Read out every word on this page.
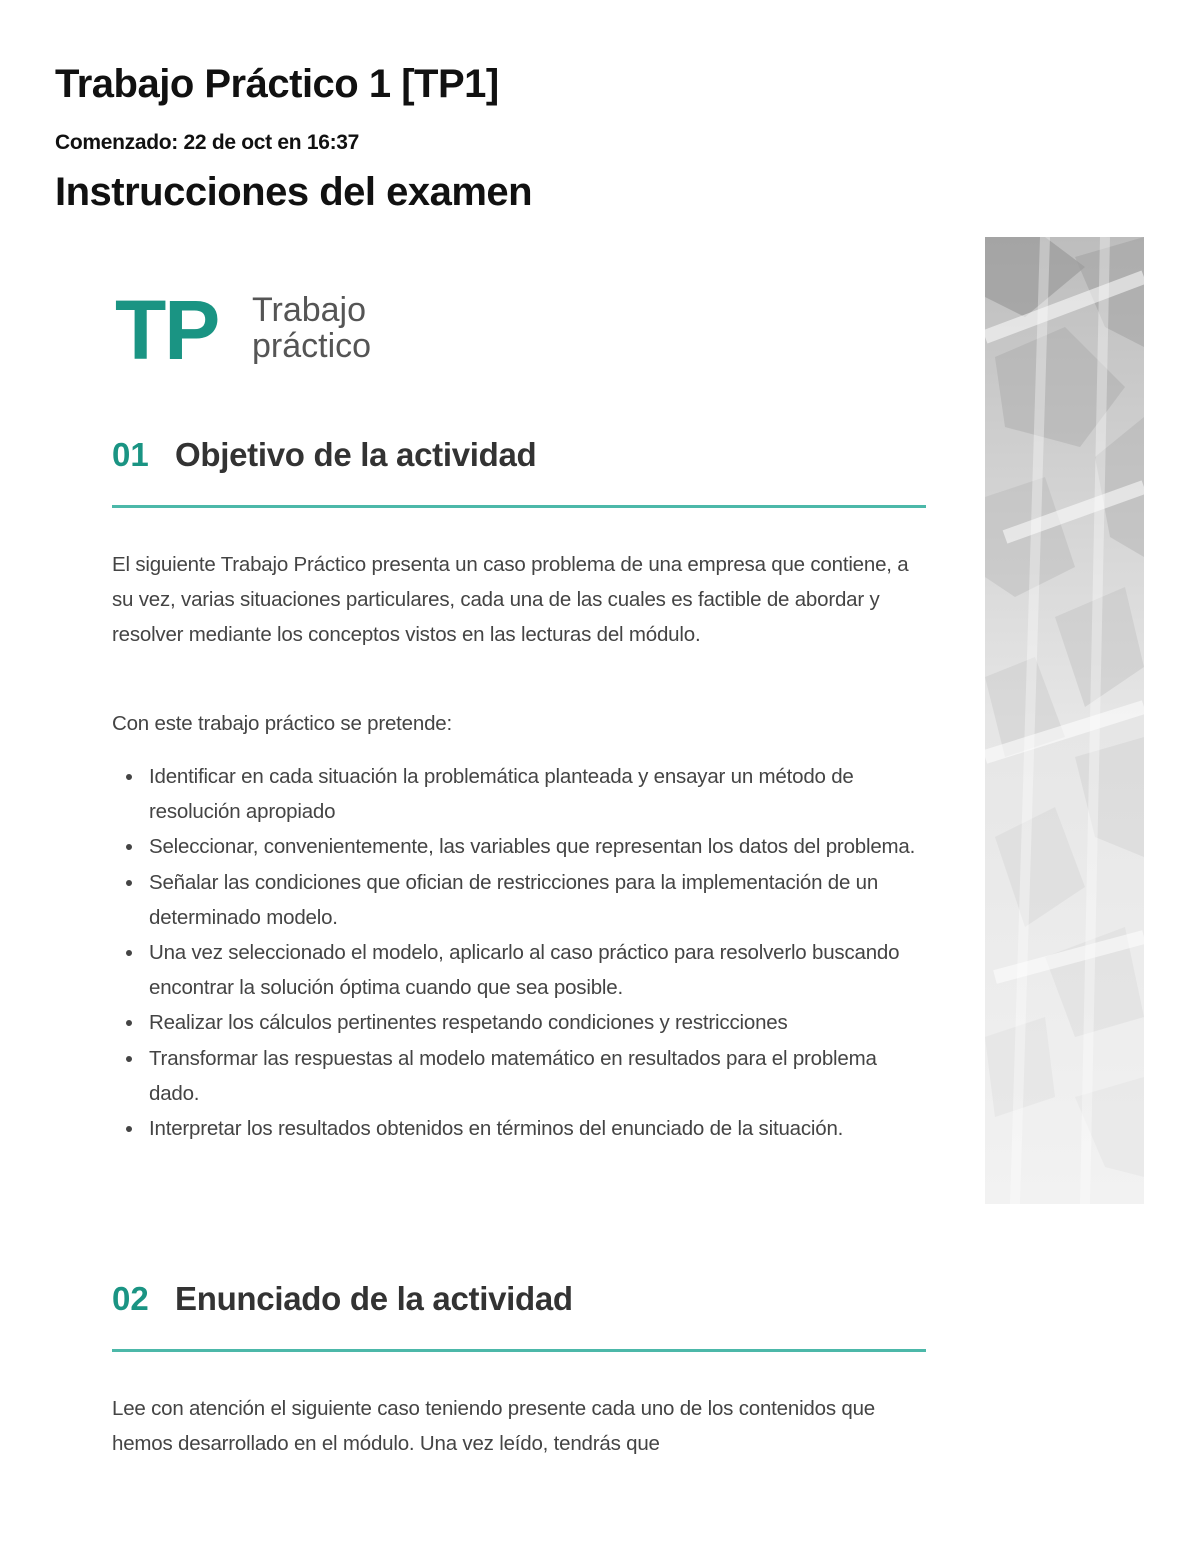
Trabajo Práctico 1 [TP1]
Comenzado: 22 de oct en 16:37
Instrucciones del examen
TP Trabajo
práctico
01 Objetivo de la actividad

El siguiente Trabajo Práctico presenta un caso problema de una empresa que contiene, a su vez, varias situaciones particulares, cada una de las cuales es factible de abordar y resolver mediante los conceptos vistos en las lecturas del módulo.

Con este trabajo práctico se pretende:

Identificar en cada situación la problemática planteada y ensayar un método de resolución apropiado
Seleccionar, convenientemente, las variables que representan los datos del problema.
Señalar las condiciones que ofician de restricciones para la implementación de un determinado modelo.
Una vez seleccionado el modelo, aplicarlo al caso práctico para resolverlo buscando encontrar la solución óptima cuando que sea posible.
Realizar los cálculos pertinentes respetando condiciones y restricciones
Transformar las respuestas al modelo matemático en resultados para el problema dado.
Interpretar los resultados obtenidos en términos del enunciado de la situación.
02 Enunciado de la actividad

Lee con atención el siguiente caso teniendo presente cada uno de los contenidos que hemos desarrollado en el módulo. Una vez leído, tendrás que
